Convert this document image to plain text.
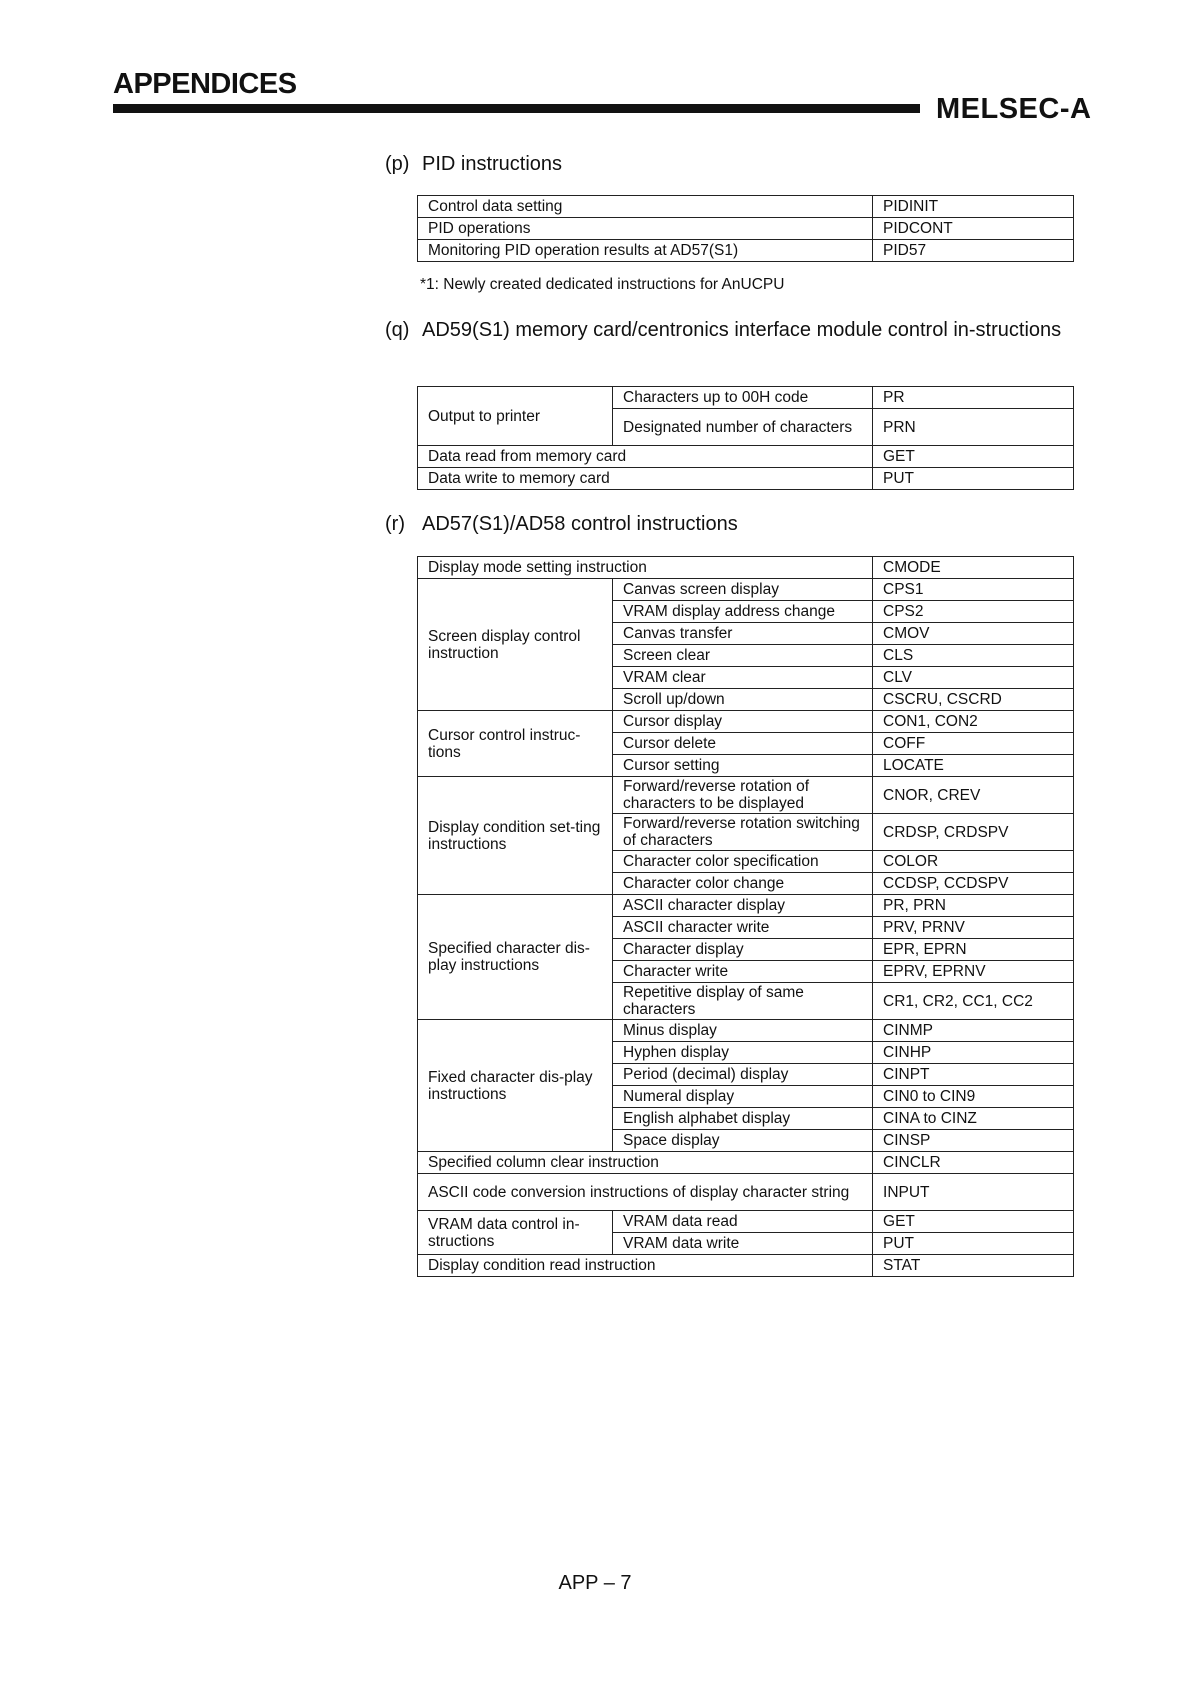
APPENDICES
MELSEC-A
(p) PID instructions
Control data setting	PIDINIT
PID operations	PIDCONT
Monitoring PID operation results at AD57(S1)	PID57
*1: Newly created dedicated instructions for AnUCPU
(q) AD59(S1) memory card/centronics interface module control in-structions
Output to printer	Characters up to 00H code	PR
	Designated number of characters	PRN
Data read from memory card		GET
Data write to memory card		PUT
(r) AD57(S1)/AD58 control instructions
Display mode setting instruction		CMODE
Screen display control instruction	Canvas screen display	CPS1
	VRAM display address change	CPS2
	Canvas transfer	CMOV
	Screen clear	CLS
	VRAM clear	CLV
	Scroll up/down	CSCRU, CSCRD
Cursor control instruc-tions	Cursor display	CON1, CON2
	Cursor delete	COFF
	Cursor setting	LOCATE
Display condition set-ting instructions	Forward/reverse rotation of characters to be displayed	CNOR, CREV
	Forward/reverse rotation switching of characters	CRDSP, CRDSPV
	Character color specification	COLOR
	Character color change	CCDSP, CCDSPV
Specified character dis-play instructions	ASCII character display	PR, PRN
	ASCII character write	PRV, PRNV
	Character display	EPR, EPRN
	Character write	EPRV, EPRNV
	Repetitive display of same characters	CR1, CR2, CC1, CC2
Fixed character dis-play instructions	Minus display	CINMP
	Hyphen display	CINHP
	Period (decimal) display	CINPT
	Numeral display	CIN0 to CIN9
	English alphabet display	CINA to CINZ
	Space display	CINSP
Specified column clear instruction		CINCLR
ASCII code conversion instructions of display character string		INPUT
VRAM data control in-structions	VRAM data read	GET
	VRAM data write	PUT
Display condition read instruction		STAT
APP – 7
